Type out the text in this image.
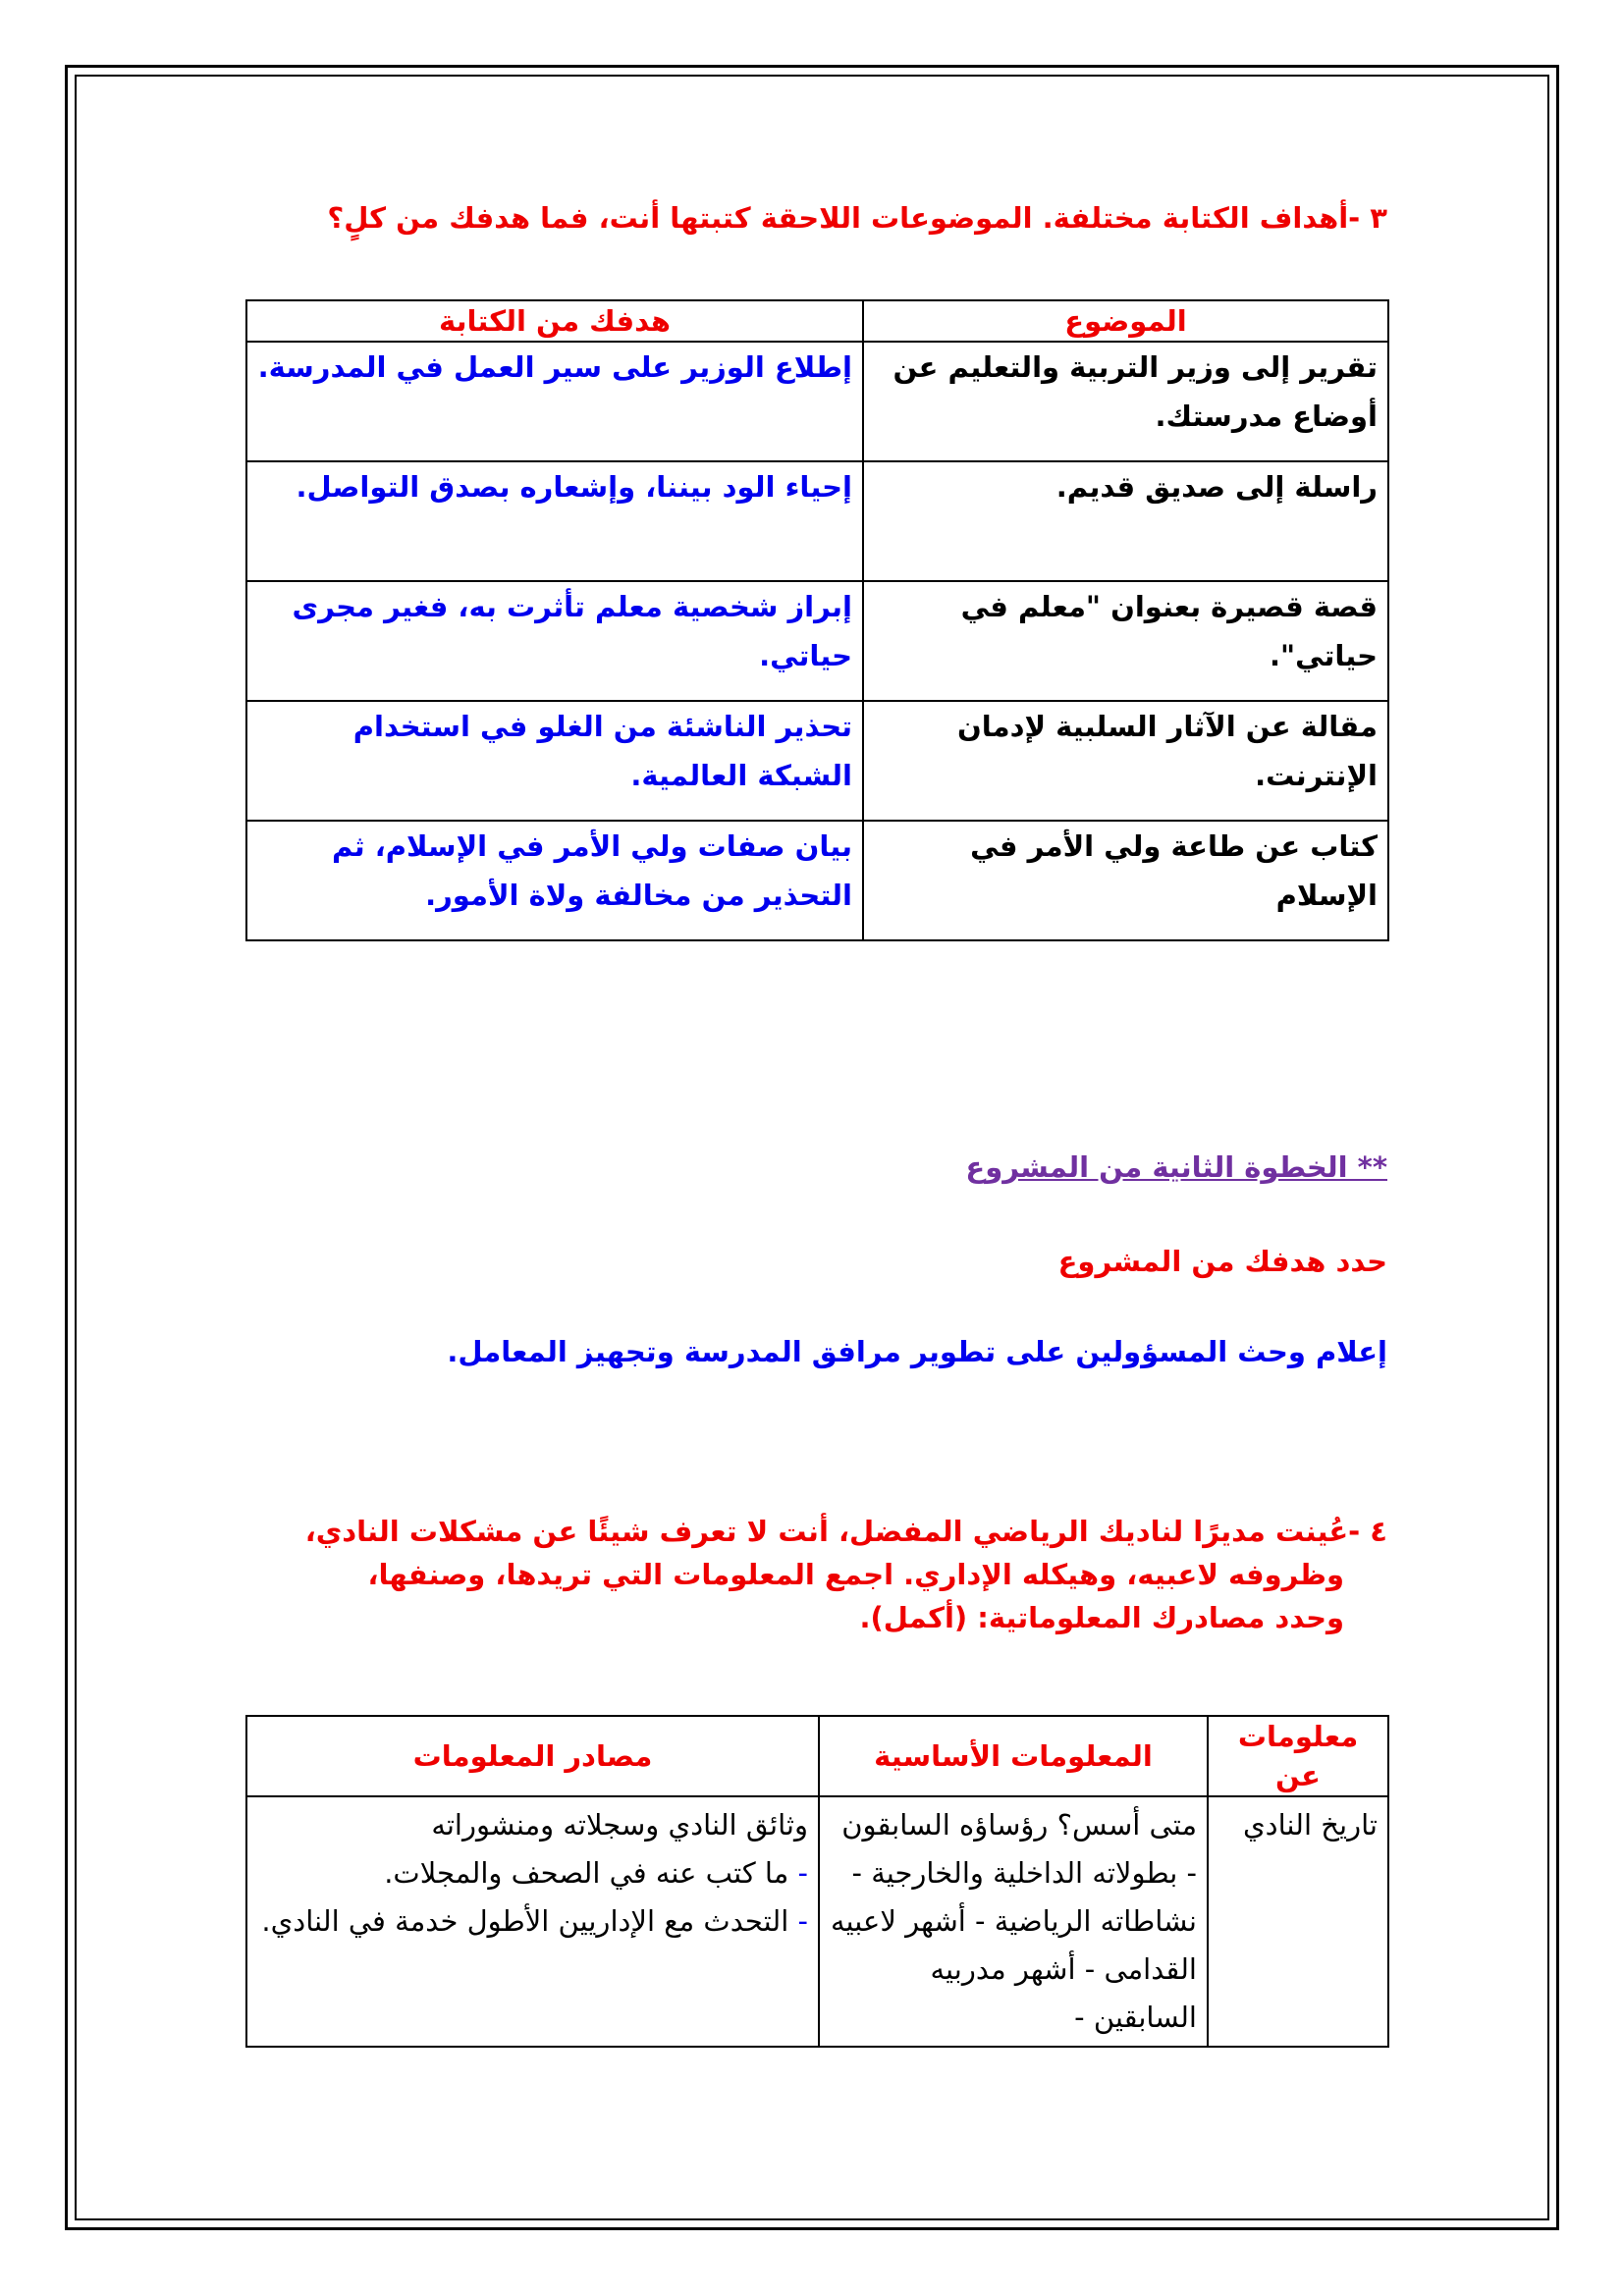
٣ -أهداف الكتابة مختلفة. الموضوعات اللاحقة كتبتها أنت، فما هدفك من كلٍ؟
الموضوع	هدفك من الكتابة
تقرير إلى وزير التربية والتعليم عن أوضاع مدرستك.	إطلاع الوزير على سير العمل في المدرسة.
راسلة إلى صديق قديم.	إحياء الود بيننا، وإشعاره بصدق التواصل.
قصة قصيرة بعنوان "معلم في حياتي".	إبراز شخصية معلم تأثرت به، فغير مجرى حياتي.
مقالة عن الآثار السلبية لإدمان الإنترنت.	تحذير الناشئة من الغلو في استخدام الشبكة العالمية.
كتاب عن طاعة ولي الأمر في الإسلام	بيان صفات ولي الأمر في الإسلام، ثم التحذير من مخالفة ولاة الأمور.
** الخطوة الثانية من المشروع
حدد هدفك من المشروع
إعلام وحث المسؤولين على تطوير مرافق المدرسة وتجهيز المعامل.
٤ -عُينت مديرًا لناديك الرياضي المفضل، أنت لا تعرف شيئًا عن مشكلات النادي،
وظروفه لاعبيه، وهيكله الإداري. اجمع المعلومات التي تريدها، وصنفها،
وحدد مصادرك المعلوماتية: (أكمل).
معلومات عن	المعلومات الأساسية	مصادر المعلومات
تاريخ النادي	متى أسس؟ رؤساؤه السابقون - بطولاته الداخلية والخارجية - نشاطاته الرياضية - أشهر لاعبيه القدامى - أشهر مدربيه السابقين -	وثائق النادي وسجلاته ومنشوراته
- ما كتب عنه في الصحف والمجلات.
- التحدث مع الإداريين الأطول خدمة في النادي.
